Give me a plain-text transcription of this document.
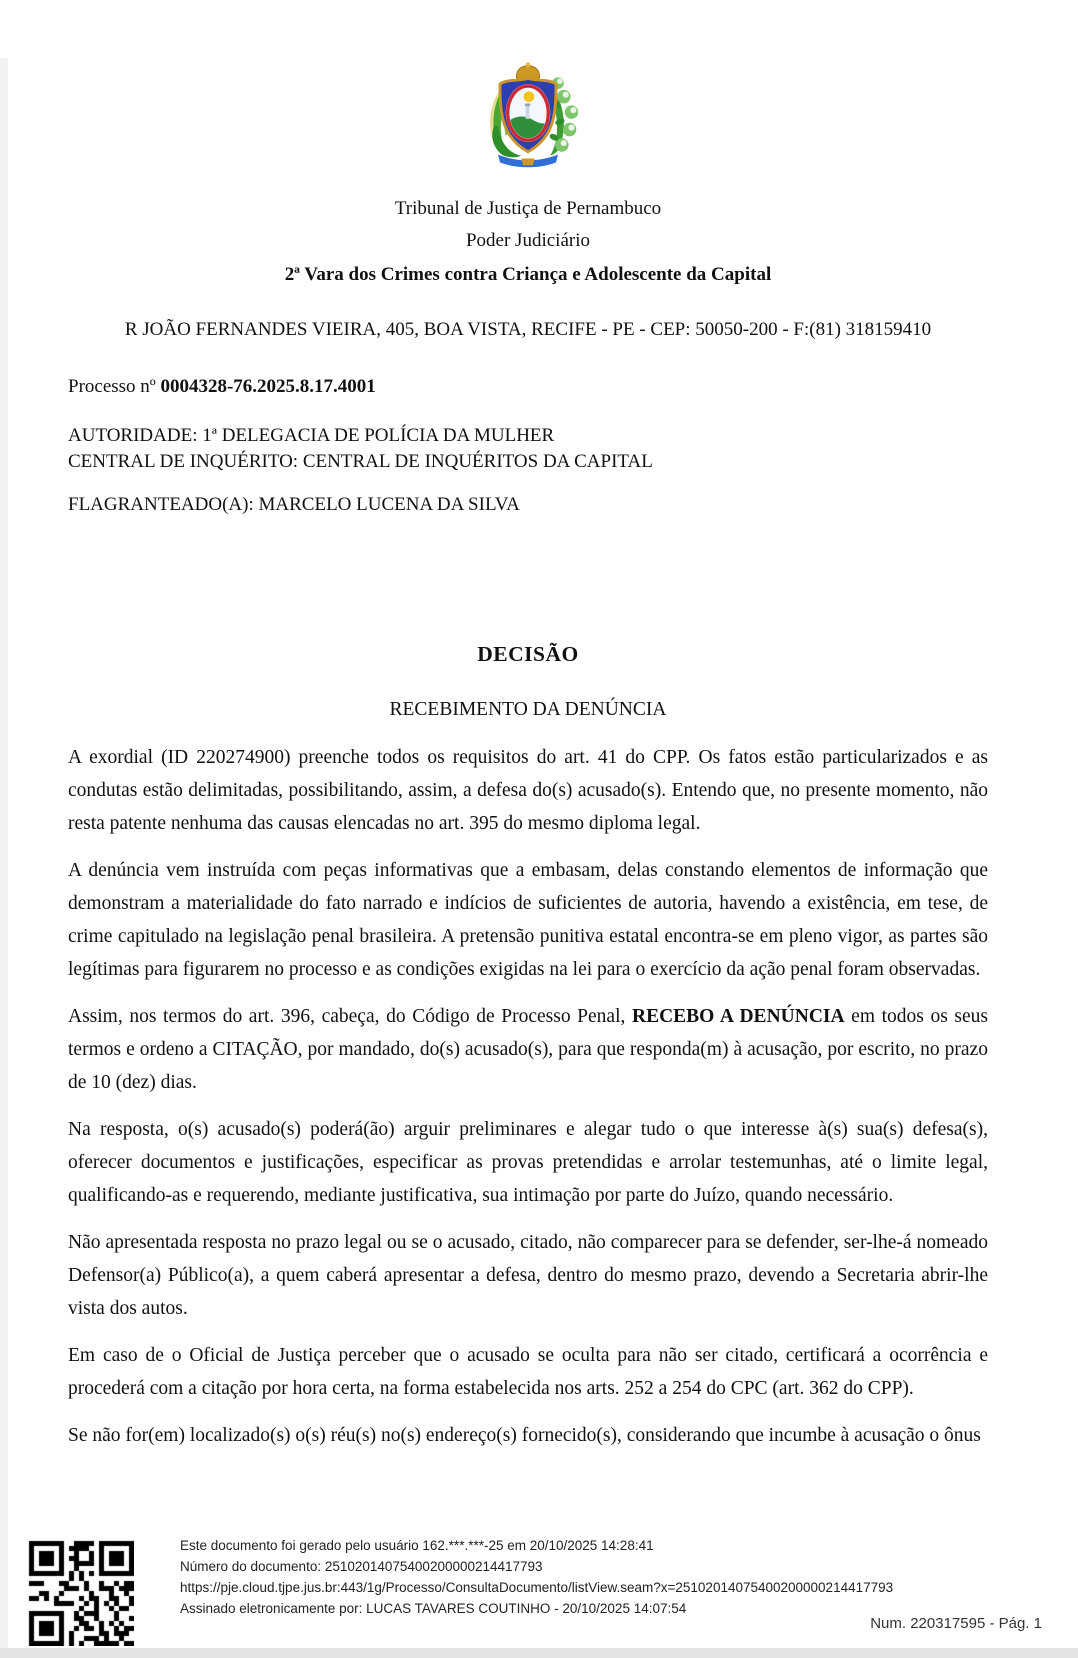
Tribunal de Justiça de Pernambuco
Poder Judiciário
2ª Vara dos Crimes contra Criança e Adolescente da Capital
R JOÃO FERNANDES VIEIRA, 405, BOA VISTA, RECIFE - PE - CEP: 50050-200 - F:(81) 318159410
Processo nº 0004328-76.2025.8.17.4001
AUTORIDADE: 1ª DELEGACIA DE POLÍCIA DA MULHER
CENTRAL DE INQUÉRITO: CENTRAL DE INQUÉRITOS DA CAPITAL
FLAGRANTEADO(A): MARCELO LUCENA DA SILVA
DECISÃO
RECEBIMENTO DA DENÚNCIA

A exordial (ID 220274900) preenche todos os requisitos do art. 41 do CPP. Os fatos estão particularizados e as condutas estão delimitadas, possibilitando, assim, a defesa do(s) acusado(s). Entendo que, no presente momento, não resta patente nenhuma das causas elencadas no art. 395 do mesmo diploma legal.

A denúncia vem instruída com peças informativas que a embasam, delas constando elementos de informação que demonstram a materialidade do fato narrado e indícios de suficientes de autoria, havendo a existência, em tese, de crime capitulado na legislação penal brasileira. A pretensão punitiva estatal encontra-se em pleno vigor, as partes são legítimas para figurarem no processo e as condições exigidas na lei para o exercício da ação penal foram observadas.

Assim, nos termos do art. 396, cabeça, do Código de Processo Penal, RECEBO A DENÚNCIA em todos os seus termos e ordeno a CITAÇÃO, por mandado, do(s) acusado(s), para que responda(m) à acusação, por escrito, no prazo de 10 (dez) dias.

Na resposta, o(s) acusado(s) poderá(ão) arguir preliminares e alegar tudo o que interesse à(s) sua(s) defesa(s), oferecer documentos e justificações, especificar as provas pretendidas e arrolar testemunhas, até o limite legal, qualificando-as e requerendo, mediante justificativa, sua intimação por parte do Juízo, quando necessário.

Não apresentada resposta no prazo legal ou se o acusado, citado, não comparecer para se defender, ser-lhe-á nomeado Defensor(a) Público(a), a quem caberá apresentar a defesa, dentro do mesmo prazo, devendo a Secretaria abrir-lhe vista dos autos.

Em caso de o Oficial de Justiça perceber que o acusado se oculta para não ser citado, certificará a ocorrência e procederá com a citação por hora certa, na forma estabelecida nos arts. 252 a 254 do CPC (art. 362 do CPP).

Se não for(em) localizado(s) o(s) réu(s) no(s) endereço(s) fornecido(s), considerando que incumbe à acusação o ônus

Este documento foi gerado pelo usuário 162.***.***-25 em 20/10/2025 14:28:41
Número do documento: 25102014075400200000214417793
https://pje.cloud.tjpe.jus.br:443/1g/Processo/ConsultaDocumento/listView.seam?x=25102014075400200000214417793
Assinado eletronicamente por: LUCAS TAVARES COUTINHO - 20/10/2025 14:07:54
Num. 220317595 - Pág. 1
